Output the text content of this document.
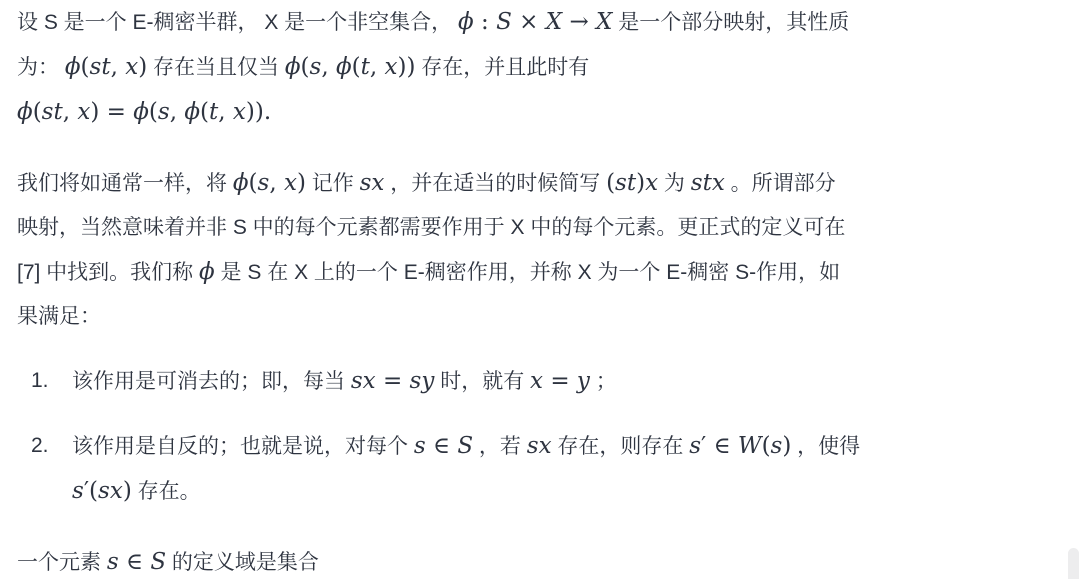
设 S 是一个 E-稠密半群， X 是一个非空集合， ϕ : S × X → X 是一个部分映射，其性质
为： ϕ(st, x) 存在当且仅当 ϕ(s, ϕ(t, x)) 存在，并且此时有
ϕ(st, x) = ϕ(s, ϕ(t, x)).

我们将如通常一样，将 ϕ(s, x) 记作 sx ，并在适当的时候简写 (st)x 为 stx 。所谓部分
映射，当然意味着并非 S 中的每个元素都需要作用于 X 中的每个元素。更正式的定义可在
[7] 中找到。我们称 ϕ 是 S 在 X 上的一个 E-稠密作用，并称 X 为一个 E-稠密 S-作用，如
果满足：

1. 该作用是可消去的；即，每当 sx = sy 时，就有 x = y ；
2. 该作用是自反的；也就是说，对每个 s ∈ S ，若 sx 存在，则存在 s′ ∈ W(s) ，使得
s′(sx) 存在。

一个元素 s ∈ S 的定义域是集合
